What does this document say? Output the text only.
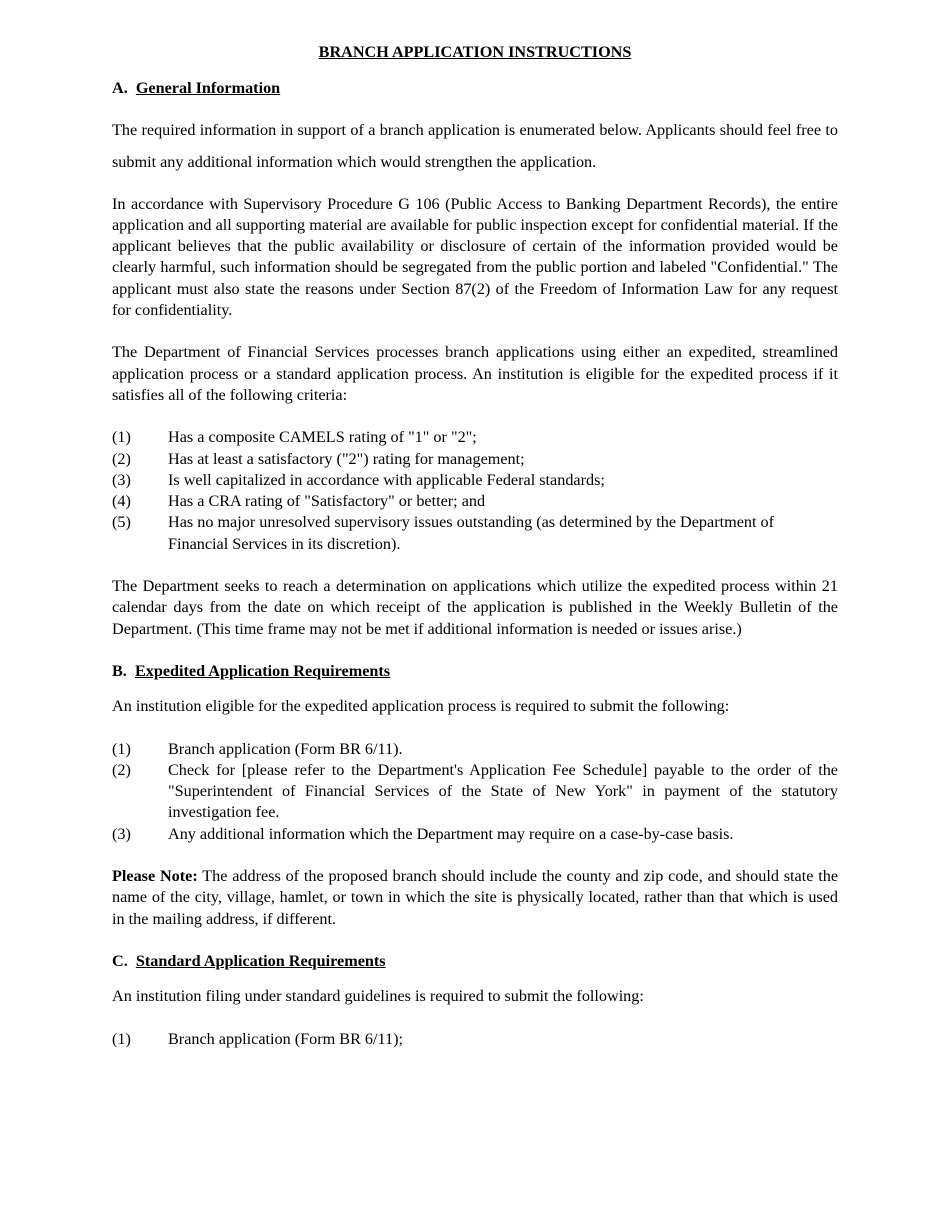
BRANCH APPLICATION INSTRUCTIONS
A. General Information

The required information in support of a branch application is enumerated below. Applicants should feel free to submit any additional information which would strengthen the application.

In accordance with Supervisory Procedure G 106 (Public Access to Banking Department Records), the entire application and all supporting material are available for public inspection except for confidential material. If the applicant believes that the public availability or disclosure of certain of the information provided would be clearly harmful, such information should be segregated from the public portion and labeled "Confidential." The applicant must also state the reasons under Section 87(2) of the Freedom of Information Law for any request for confidentiality.

The Department of Financial Services processes branch applications using either an expedited, streamlined application process or a standard application process. An institution is eligible for the expedited process if it satisfies all of the following criteria:

(1)	Has a composite CAMELS rating of "1" or "2";
(2)	Has at least a satisfactory ("2") rating for management;
(3)	Is well capitalized in accordance with applicable Federal standards;
(4)	Has a CRA rating of "Satisfactory" or better; and
(5)	Has no major unresolved supervisory issues outstanding (as determined by the Department of Financial Services in its discretion).

The Department seeks to reach a determination on applications which utilize the expedited process within 21 calendar days from the date on which receipt of the application is published in the Weekly Bulletin of the Department. (This time frame may not be met if additional information is needed or issues arise.)

B. Expedited Application Requirements

An institution eligible for the expedited application process is required to submit the following:

(1)	Branch application (Form BR 6/11).
(2)	Check for [please refer to the Department's Application Fee Schedule] payable to the order of the "Superintendent of Financial Services of the State of New York" in payment of the statutory investigation fee.
(3)	Any additional information which the Department may require on a case-by-case basis.

Please Note: The address of the proposed branch should include the county and zip code, and should state the name of the city, village, hamlet, or town in which the site is physically located, rather than that which is used in the mailing address, if different.

C. Standard Application Requirements

An institution filing under standard guidelines is required to submit the following:

(1)	Branch application (Form BR 6/11);
